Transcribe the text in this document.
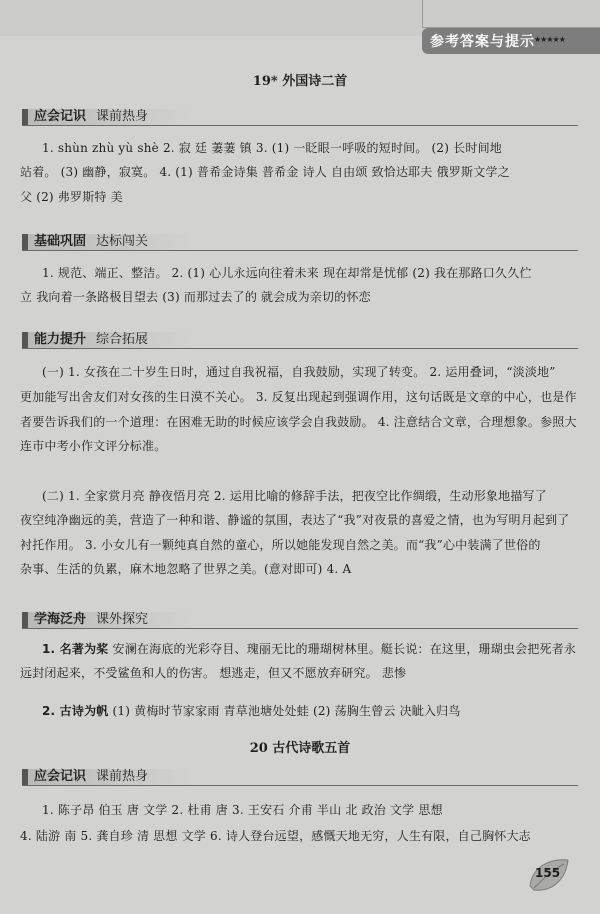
参考答案与提示 ★★★★★
19* 外国诗二首
应会记识 课前热身
1. shùn zhù yù shè 2. 寂 廷 萋萋 镇 3. (1) 一眨眼一呼吸的短时间。 (2) 长时间地
站着。 (3) 幽静，寂寞。 4. (1) 普希金诗集 普希金 诗人 自由颂 致恰达耶夫 俄罗斯文学之
父 (2) 弗罗斯特 美
基础巩固 达标闯关
1. 规范、端正、整洁。 2. (1) 心儿永远向往着未来 现在却常是忧郁 (2) 我在那路口久久伫
立 我向着一条路极目望去 (3) 而那过去了的 就会成为亲切的怀恋
能力提升 综合拓展
(一) 1. 女孩在二十岁生日时，通过自我祝福，自我鼓励，实现了转变。 2. 运用叠词，“淡淡地”
更加能写出舍友们对女孩的生日漠不关心。 3. 反复出现起到强调作用，这句话既是文章的中心，也是作
者要告诉我们的一个道理：在困难无助的时候应该学会自我鼓励。 4. 注意结合文章，合理想象。参照大
连市中考小作文评分标准。
(二) 1. 全家赏月亮 静夜悟月亮 2. 运用比喻的修辞手法，把夜空比作绸缎，生动形象地描写了
夜空纯净幽远的美，营造了一种和谐、静谧的氛围，表达了“我”对夜景的喜爱之情，也为写明月起到了
衬托作用。 3. 小女儿有一颗纯真自然的童心，所以她能发现自然之美。而“我”心中装满了世俗的
杂事、生活的负累，麻木地忽略了世界之美。(意对即可) 4. A
学海泛舟 课外探究
1. 名著为桨 安澜在海底的光彩夺目、瑰丽无比的珊瑚树林里。艇长说：在这里，珊瑚虫会把死者永
远封闭起来，不受鲨鱼和人的伤害。 想逃走，但又不愿放弃研究。 悲惨
2. 古诗为帆 (1) 黄梅时节家家雨 青草池塘处处蛙 (2) 荡胸生曾云 决眦入归鸟
20 古代诗歌五首
应会记识 课前热身
1. 陈子昂 伯玉 唐 文学 2. 杜甫 唐 3. 王安石 介甫 半山 北 政治 文学 思想
4. 陆游 南 5. 龚自珍 清 思想 文学 6. 诗人登台远望，感慨天地无穷，人生有限，自己胸怀大志
155
